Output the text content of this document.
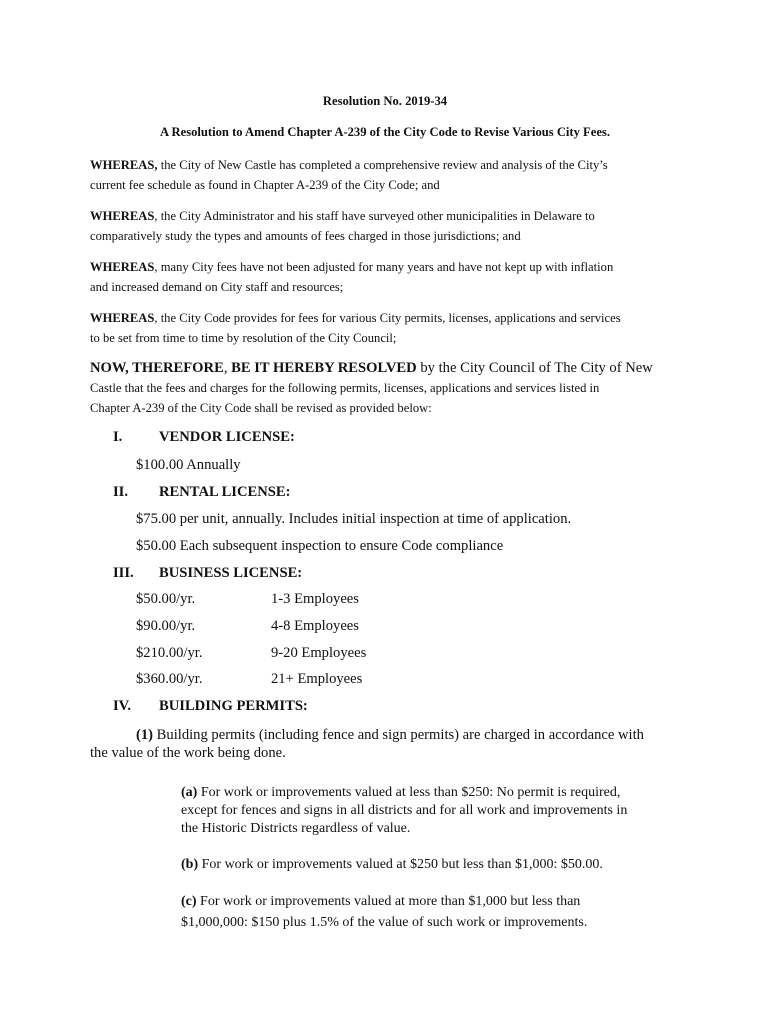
Resolution No. 2019-34
A Resolution to Amend Chapter A-239 of the City Code to Revise Various City Fees.
WHEREAS, the City of New Castle has completed a comprehensive review and analysis of the City’s
current fee schedule as found in Chapter A-239 of the City Code; and
WHEREAS, the City Administrator and his staff have surveyed other municipalities in Delaware to
comparatively study the types and amounts of fees charged in those jurisdictions; and
WHEREAS, many City fees have not been adjusted for many years and have not kept up with inflation
and increased demand on City staff and resources;
WHEREAS, the City Code provides for fees for various City permits, licenses, applications and services
to be set from time to time by resolution of the City Council;
NOW, THEREFORE, BE IT HEREBY RESOLVED by the City Council of The City of New
Castle that the fees and charges for the following permits, licenses, applications and services listed in
Chapter A-239 of the City Code shall be revised as provided below:
I.	VENDOR LICENSE:
$100.00 Annually
II. RENTAL LICENSE:
$75.00 per unit, annually. Includes initial inspection at time of application.
$50.00 Each subsequent inspection to ensure Code compliance
III. BUSINESS LICENSE:
$50.00/yr.	1-3 Employees
$90.00/yr.	4-8 Employees
$210.00/yr.	9-20 Employees
$360.00/yr.	21+ Employees
IV. BUILDING PERMITS:
(1) Building permits (including fence and sign permits) are charged in accordance with
the value of the work being done.
(a) For work or improvements valued at less than $250: No permit is required,
except for fences and signs in all districts and for all work and improvements in
the Historic Districts regardless of value.
(b) For work or improvements valued at $250 but less than $1,000: $50.00.
(c) For work or improvements valued at more than $1,000 but less than
$1,000,000: $150 plus 1.5% of the value of such work or improvements.
